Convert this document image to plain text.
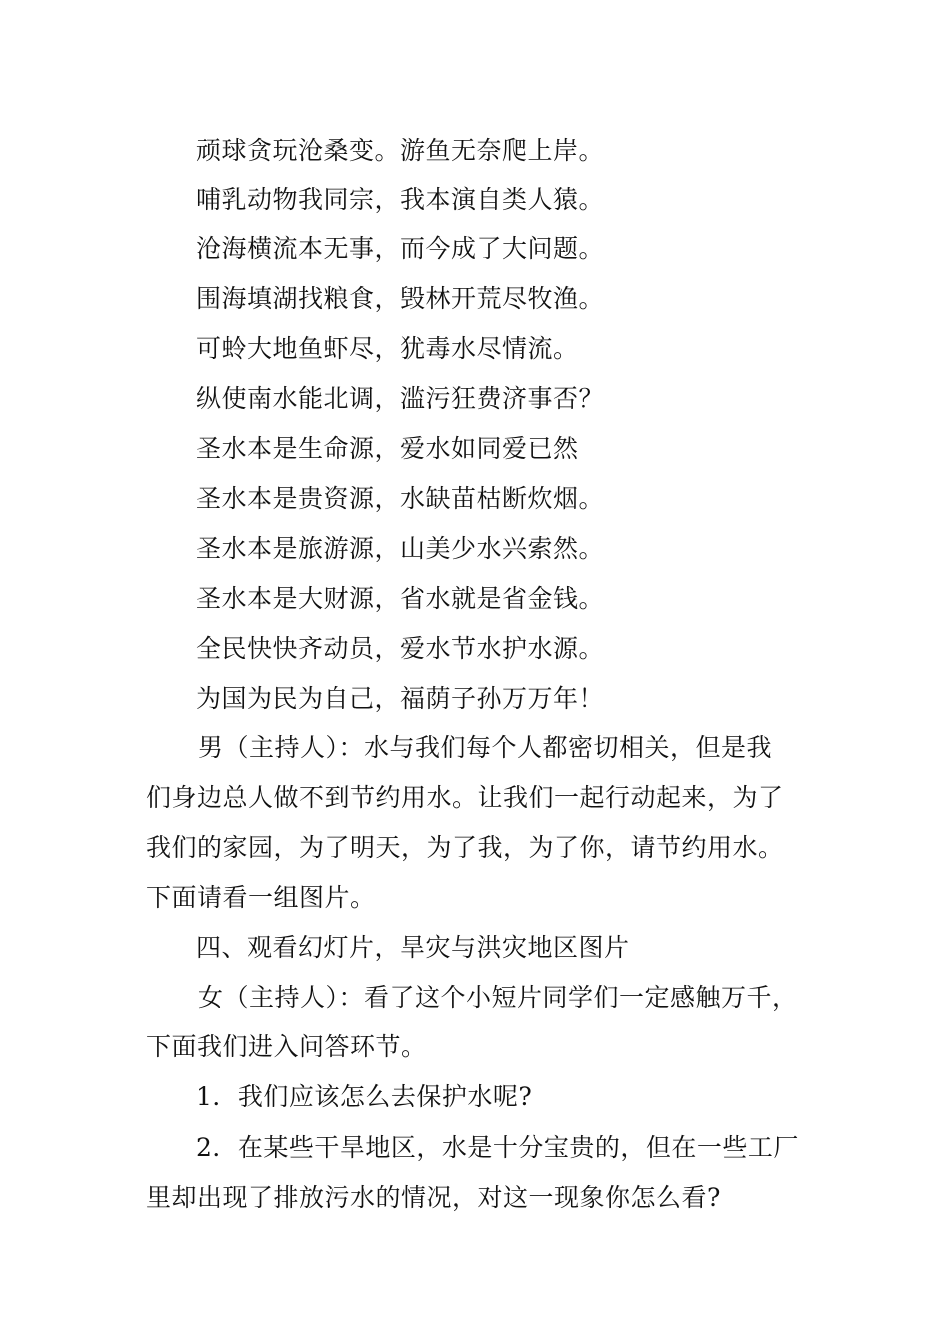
顽球贪玩沧桑变。游鱼无奈爬上岸。
哺乳动物我同宗，我本演自类人猿。
沧海横流本无事，而今成了大问题。
围海填湖找粮食，毁林开荒尽牧渔。
可蛉大地鱼虾尽，犹毒水尽情流。
纵使南水能北调，滥污狂费济事否？
圣水本是生命源，爱水如同爱已然
圣水本是贵资源，水缺苗枯断炊烟。
圣水本是旅游源，山美少水兴索然。
圣水本是大财源，省水就是省金钱。
全民快快齐动员，爱水节水护水源。
为国为民为自己，福荫子孙万万年！
男（主持人）：水与我们每个人都密切相关，但是我
们身边总人做不到节约用水。让我们一起行动起来，为了
我们的家园，为了明天，为了我，为了你，请节约用水。
下面请看一组图片。
四、观看幻灯片，旱灾与洪灾地区图片
女（主持人）：看了这个小短片同学们一定感触万千，
下面我们进入问答环节。
1．我们应该怎么去保护水呢?
2．在某些干旱地区，水是十分宝贵的，但在一些工厂
里却出现了排放污水的情况，对这一现象你怎么看?
